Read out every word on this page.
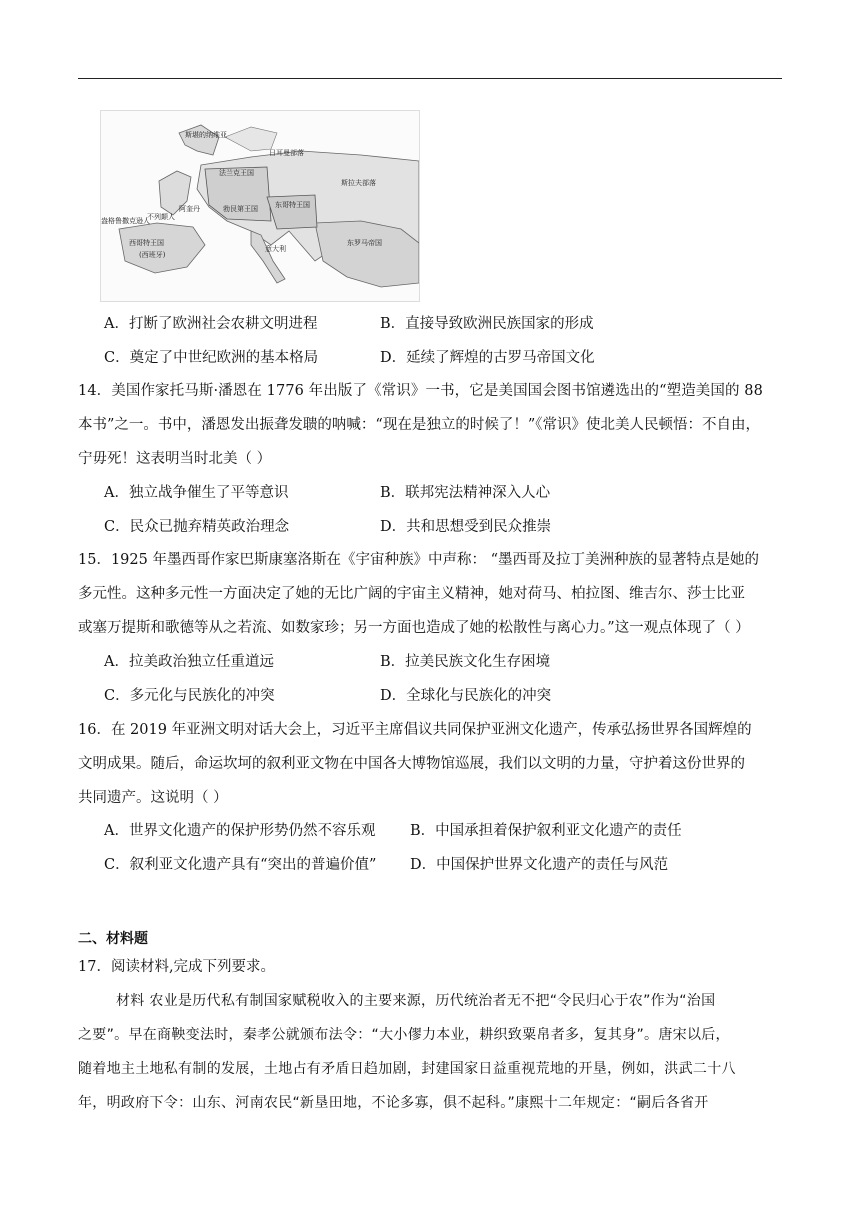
斯堪的纳维亚
日耳曼部落
法兰克王国
斯拉夫部落
盎格鲁撒克逊人
不列颠人
阿奎丹	勃艮第王国 东哥特王国
西哥特王国
(西班牙)
意大利
东罗马帝国
A．打断了欧洲社会农耕文明进程	B．直接导致欧洲民族国家的形成
C．奠定了中世纪欧洲的基本格局	D．延续了辉煌的古罗马帝国文化
14．美国作家托马斯·潘恩在 1776 年出版了《常识》一书，它是美国国会图书馆遴选出的“塑造美国的 88
本书”之一。书中，潘恩发出振聋发聩的呐喊：“现在是独立的时候了！”《常识》使北美人民顿悟：不自由，
宁毋死！这表明当时北美（ ）
A．独立战争催生了平等意识	B．联邦宪法精神深入人心
C．民众已抛弃精英政治理念	D．共和思想受到民众推崇
15．1925 年墨西哥作家巴斯康塞洛斯在《宇宙种族》中声称： “墨西哥及拉丁美洲种族的显著特点是她的
多元性。这种多元性一方面决定了她的无比广阔的宇宙主义精神，她对荷马、柏拉图、维吉尔、莎士比亚
或塞万提斯和歌德等从之若流、如数家珍；另一方面也造成了她的松散性与离心力。”这一观点体现了（ ）
A．拉美政治独立任重道远	B．拉美民族文化生存困境
C．多元化与民族化的冲突	D．全球化与民族化的冲突
16．在 2019 年亚洲文明对话大会上，习近平主席倡议共同保护亚洲文化遗产，传承弘扬世界各国辉煌的
文明成果。随后，命运坎坷的叙利亚文物在中国各大博物馆巡展，我们以文明的力量，守护着这份世界的
共同遗产。这说明（ ）
A．世界文化遗产的保护形势仍然不容乐观 B．中国承担着保护叙利亚文化遗产的责任
C．叙利亚文化遗产具有“突出的普遍价值” D．中国保护世界文化遗产的责任与风范
二、材料题
17．阅读材料,完成下列要求。
材料 农业是历代私有制国家赋税收入的主要来源，历代统治者无不把“令民归心于农”作为“治国
之要”。早在商鞅变法时，秦孝公就颁布法令：“大小僇力本业，耕织致粟帛者多，复其身”。唐宋以后，
随着地主土地私有制的发展，土地占有矛盾日趋加剧，封建国家日益重视荒地的开垦，例如，洪武二十八
年，明政府下令：山东、河南农民“新垦田地，不论多寡，俱不起科。”康熙十二年规定：“嗣后各省开
